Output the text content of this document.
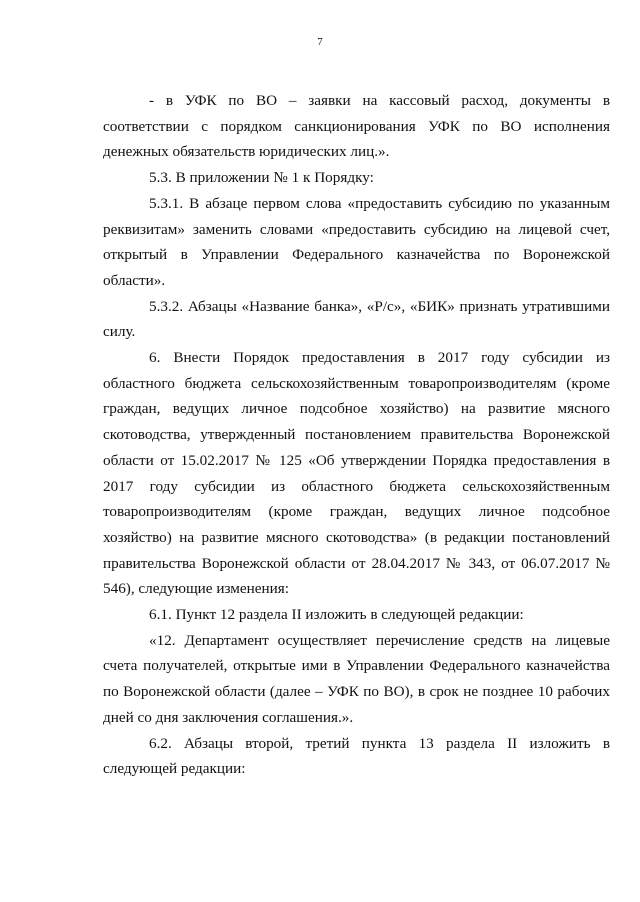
7

- в УФК по ВО – заявки на кассовый расход, документы в соответствии с порядком санкционирования УФК по ВО исполнения денежных обязательств юридических лиц.».

5.3. В приложении № 1 к Порядку:

5.3.1. В абзаце первом слова «предоставить субсидию по указанным реквизитам» заменить словами «предоставить субсидию на лицевой счет, открытый в Управлении Федерального казначейства по Воронежской области».

5.3.2. Абзацы «Название банка», «Р/с», «БИК» признать утратившими силу.

6. Внести Порядок предоставления в 2017 году субсидии из областного бюджета сельскохозяйственным товаропроизводителям (кроме граждан, ведущих личное подсобное хозяйство) на развитие мясного скотоводства, утвержденный постановлением правительства Воронежской области от 15.02.2017 № 125 «Об утверждении Порядка предоставления в 2017 году субсидии из областного бюджета сельскохозяйственным товаропроизводителям (кроме граждан, ведущих личное подсобное хозяйство) на развитие мясного скотоводства» (в редакции постановлений правительства Воронежской области от 28.04.2017 № 343, от 06.07.2017 № 546), следующие изменения:

6.1. Пункт 12 раздела II изложить в следующей редакции:

«12. Департамент осуществляет перечисление средств на лицевые счета получателей, открытые ими в Управлении Федерального казначейства по Воронежской области (далее – УФК по ВО), в срок не позднее 10 рабочих дней со дня заключения соглашения.».

6.2. Абзацы второй, третий пункта 13 раздела II изложить в следующей редакции:
